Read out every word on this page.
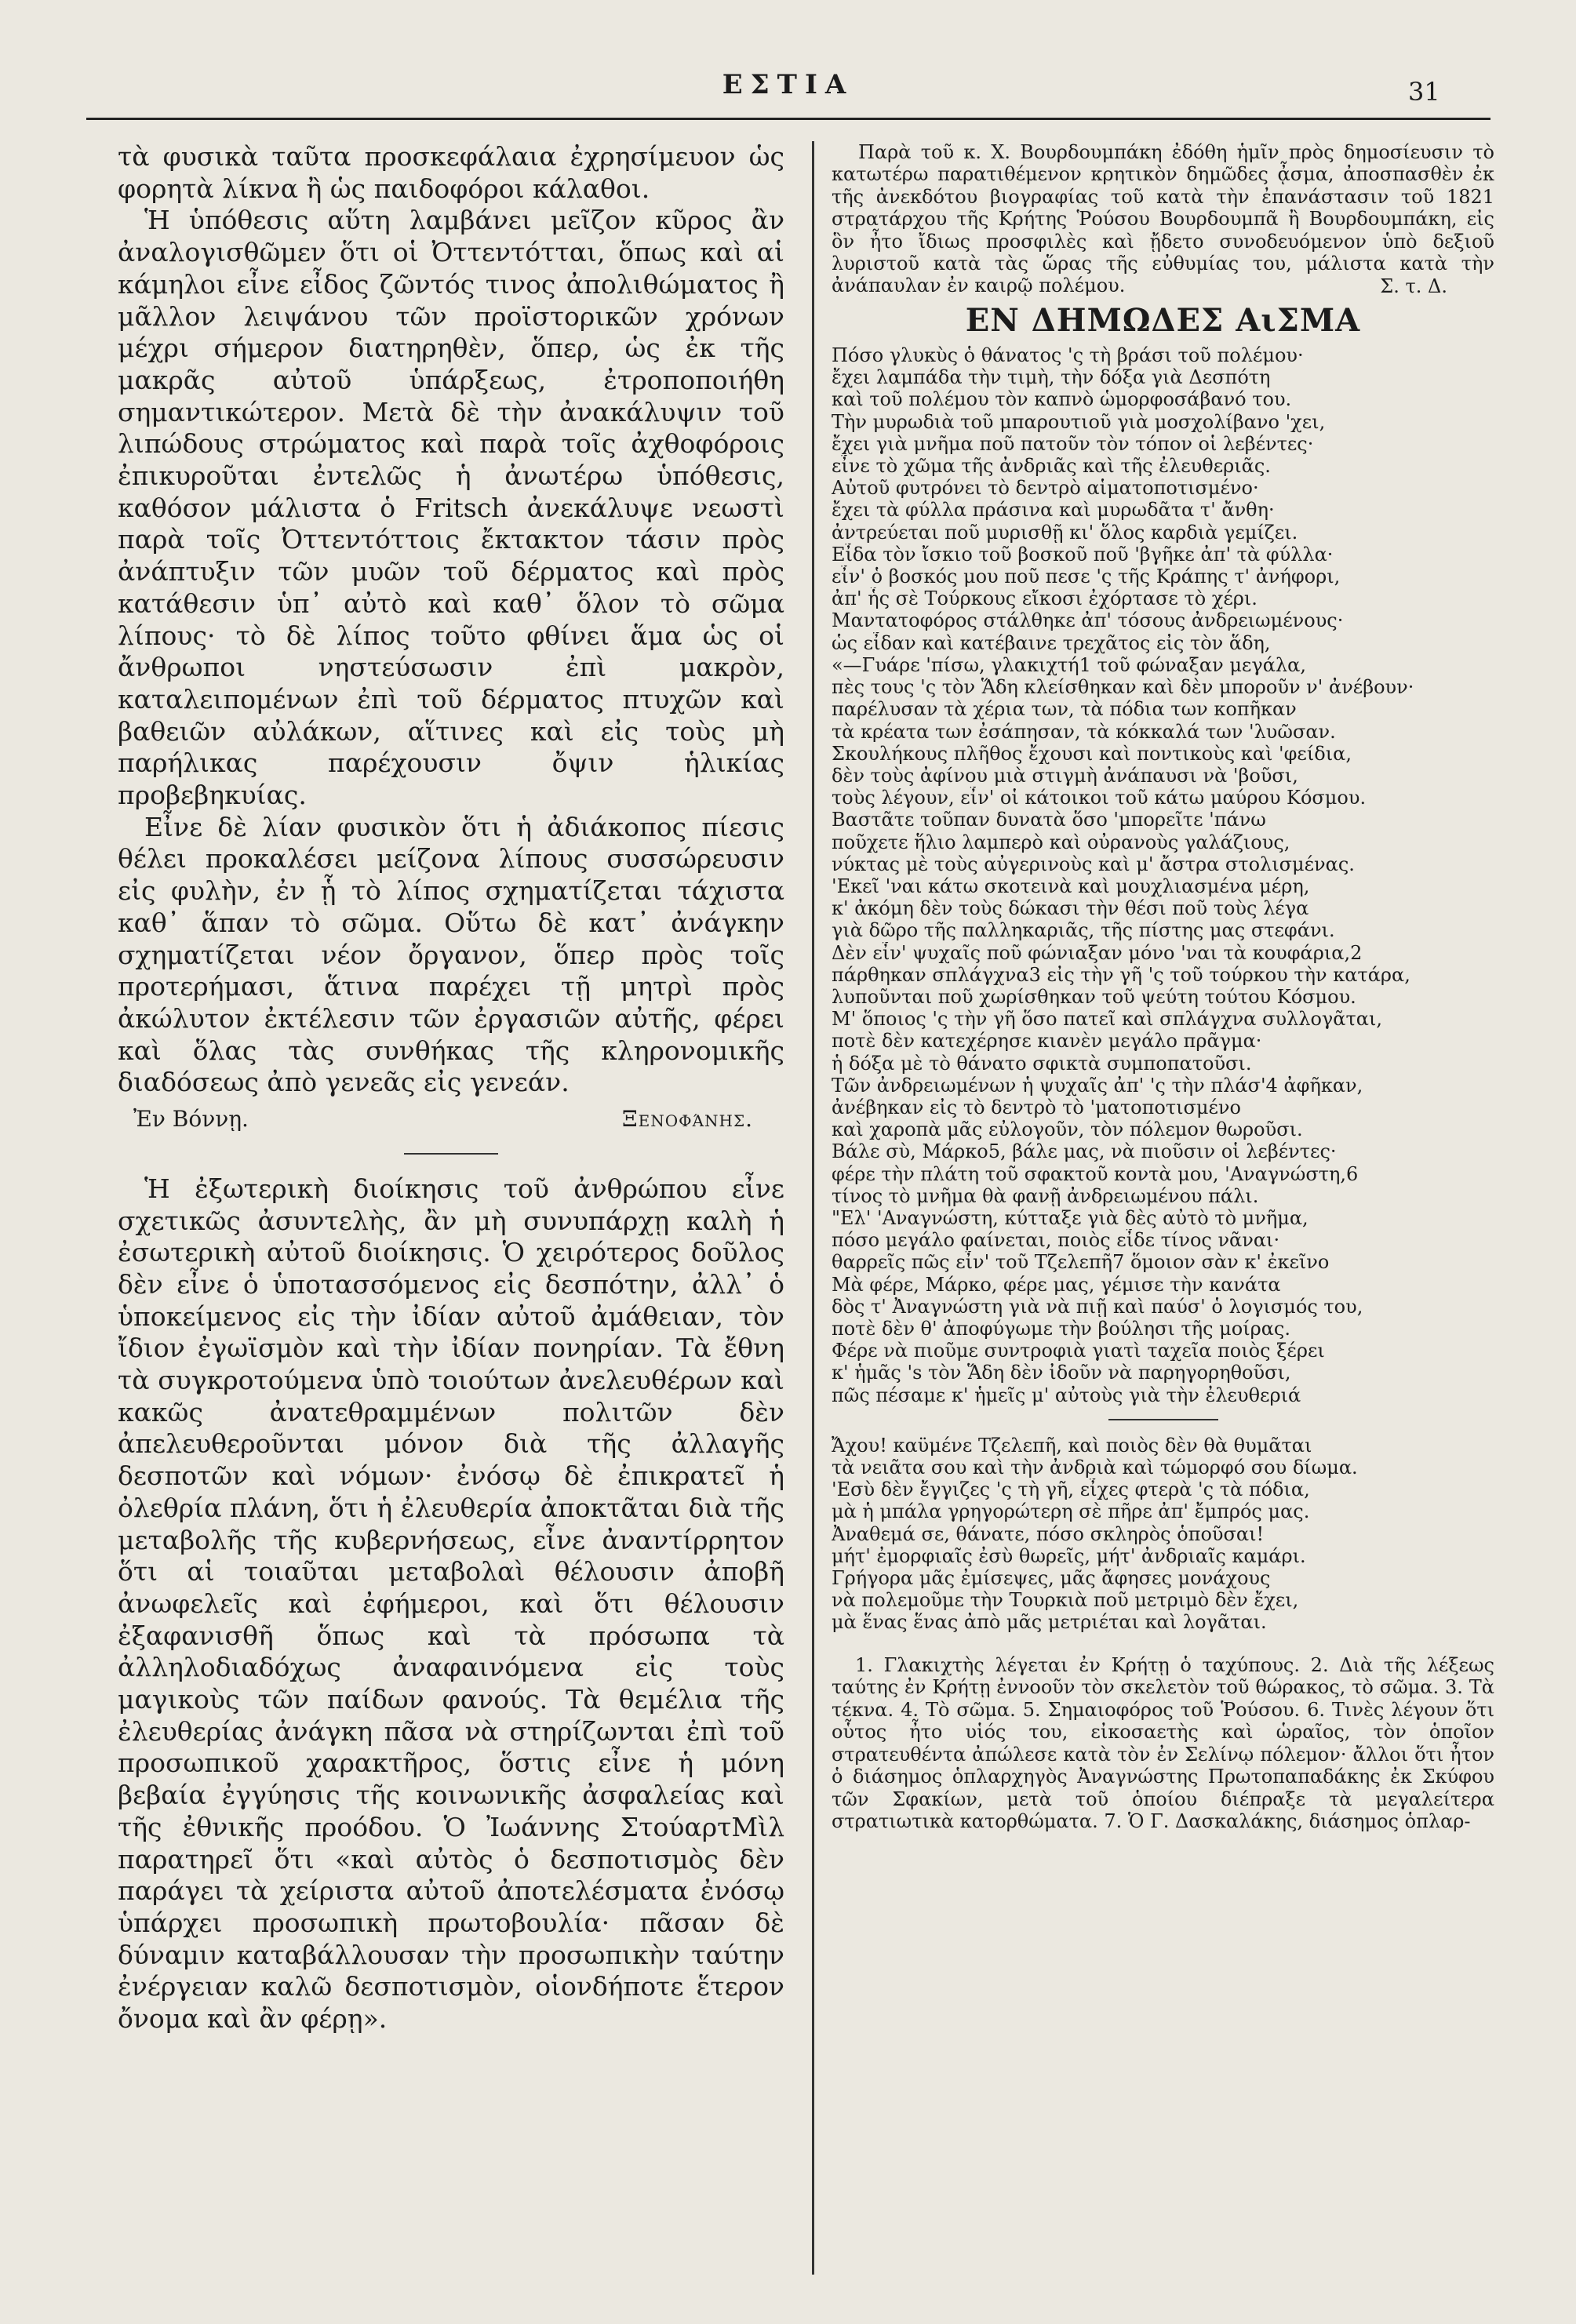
ΕΣΤΙΑ	31

τὰ φυσικὰ ταῦτα προσκεφάλαια ἐχρησίμευον ὡς φορητὰ λίκνα ἢ ὡς παιδοφόροι κάλαθοι.

Ἡ ὑπόθεσις αὕτη λαμβάνει μεῖζον κῦρος ἂν ἀναλογισθῶμεν ὅτι οἱ Ὀττεντότται, ὅπως καὶ αἱ κάμηλοι εἶνε εἶδος ζῶντός τινος ἀπολιθώματος ἢ μᾶλλον λειψάνου τῶν προϊστορικῶν χρόνων μέχρι σήμερον διατηρηθὲν, ὅπερ, ὡς ἐκ τῆς μακρᾶς αὐτοῦ ὑπάρξεως, ἐτροποποιήθη σημαντικώτερον. Μετὰ δὲ τὴν ἀνακάλυψιν τοῦ λιπώδους στρώματος καὶ παρὰ τοῖς ἀχθοφόροις ἐπικυροῦται ἐντελῶς ἡ ἀνωτέρω ὑπόθεσις, καθόσον μάλιστα ὁ Fritsch ἀνεκάλυψε νεωστὶ παρὰ τοῖς Ὀττεντόττοις ἔκτακτον τάσιν πρὸς ἀνάπτυξιν τῶν μυῶν τοῦ δέρματος καὶ πρὸς κατάθεσιν ὑπ᾽ αὐτὸ καὶ καθ᾽ ὅλον τὸ σῶμα λίπους· τὸ δὲ λίπος τοῦτο φθίνει ἅμα ὡς οἱ ἄνθρωποι νηστεύσωσιν ἐπὶ μακρὸν, καταλειπομένων ἐπὶ τοῦ δέρματος πτυχῶν καὶ βαθειῶν αὐλάκων, αἵτινες καὶ εἰς τοὺς μὴ παρήλικας παρέχουσιν ὄψιν ἡλικίας προβεβηκυίας.

Εἶνε δὲ λίαν φυσικὸν ὅτι ἡ ἀδιάκοπος πίεσις θέλει προκαλέσει μείζονα λίπους συσσώρευσιν εἰς φυλὴν, ἐν ᾗ τὸ λίπος σχηματίζεται τάχιστα καθ᾽ ἅπαν τὸ σῶμα. Οὕτω δὲ κατ᾽ ἀνάγκην σχηματίζεται νέον ὄργανον, ὅπερ πρὸς τοῖς προτερήμασι, ἅτινα παρέχει τῇ μητρὶ πρὸς ἀκώλυτον ἐκτέλεσιν τῶν ἐργασιῶν αὐτῆς, φέρει καὶ ὅλας τὰς συνθήκας τῆς κληρονομικῆς διαδόσεως ἀπὸ γενεᾶς εἰς γενεάν.

Ἐν Βόννῃ.	Ξενοφάνης.

Ἡ ἐξωτερικὴ διοίκησις τοῦ ἀνθρώπου εἶνε σχετικῶς ἀσυντελὴς, ἂν μὴ συνυπάρχῃ καλὴ ἡ ἐσωτερικὴ αὐτοῦ διοίκησις. Ὁ χειρότερος δοῦλος δὲν εἶνε ὁ ὑποτασσόμενος εἰς δεσπότην, ἀλλ᾽ ὁ ὑποκείμενος εἰς τὴν ἰδίαν αὐτοῦ ἀμάθειαν, τὸν ἴδιον ἐγωϊσμὸν καὶ τὴν ἰδίαν πονηρίαν. Τὰ ἔθνη τὰ συγκροτούμενα ὑπὸ τοιούτων ἀνελευθέρων καὶ κακῶς ἀνατεθραμμένων πολιτῶν δὲν ἀπελευθεροῦνται μόνον διὰ τῆς ἀλλαγῆς δεσποτῶν καὶ νόμων· ἐνόσῳ δὲ ἐπικρατεῖ ἡ ὀλεθρία πλάνη, ὅτι ἡ ἐλευθερία ἀποκτᾶται διὰ τῆς μεταβολῆς τῆς κυβερνήσεως, εἶνε ἀναντίρρητον ὅτι αἱ τοιαῦται μεταβολαὶ θέλουσιν ἀποβῆ ἀνωφελεῖς καὶ ἐφήμεροι, καὶ ὅτι θέλουσιν ἐξαφανισθῆ ὅπως καὶ τὰ πρόσωπα τὰ ἀλληλοδιαδόχως ἀναφαινόμενα εἰς τοὺς μαγικοὺς τῶν παίδων φανούς. Τὰ θεμέλια τῆς ἐλευθερίας ἀνάγκη πᾶσα νὰ στηρίζωνται ἐπὶ τοῦ προσωπικοῦ χαρακτῆρος, ὅστις εἶνε ἡ μόνη βεβαία ἐγγύησις τῆς κοινωνικῆς ἀσφαλείας καὶ τῆς ἐθνικῆς προόδου. Ὁ Ἰωάννης ΣτούαρτΜὶλ παρατηρεῖ ὅτι «καὶ αὐτὸς ὁ δεσποτισμὸς δὲν παράγει τὰ χείριστα αὐτοῦ ἀποτελέσματα ἐνόσῳ ὑπάρχει προσωπικὴ πρωτοβουλία· πᾶσαν δὲ δύναμιν καταβάλλουσαν τὴν προσωπικὴν ταύτην ἐνέργειαν καλῶ δεσποτισμὸν, οἱονδήποτε ἕτερον ὄνομα καὶ ἂν φέρῃ».

Παρὰ τοῦ κ. Χ. Βουρδουμπάκη ἐδόθη ἡμῖν πρὸς δημοσίευσιν τὸ κατωτέρω παρατιθέμενον κρητικὸν δημῶδες ᾆσμα, ἀποσπασθὲν ἐκ τῆς ἀνεκδότου βιογραφίας τοῦ κατὰ τὴν ἐπανάστασιν τοῦ 1821 στρατάρχου τῆς Κρήτης Ῥούσου Βουρδουμπᾶ ἢ Βουρδουμπάκη, εἰς ὃν ἦτο ἴδιως προσφιλὲς καὶ ᾔδετο συνοδευόμενον ὑπὸ δεξιοῦ λυριστοῦ κατὰ τὰς ὥρας τῆς εὐθυμίας του, μάλιστα κατὰ τὴν ἀνάπαυλαν ἐν καιρῷ πολέμου.	Σ. τ. Δ.
ΕΝ ΔΗΜΩΔΕΣ ΑιΣΜΑ
Πόσο γλυκὺς ὁ θάνατος 'ς τὴ βράσι τοῦ πολέμου·
ἔχει λαμπάδα τὴν τιμὴ, τὴν δόξα γιὰ Δεσπότη
καὶ τοῦ πολέμου τὸν καπνὸ ὡμορφοσάβανό του.
Τὴν μυρωδιὰ τοῦ μπαρουτιοῦ γιὰ μοσχολίβανο 'χει,
ἔχει γιὰ μνῆμα ποῦ πατοῦν τὸν τόπον οἱ λεβέντες·
εἶνε τὸ χῶμα τῆς ἀνδριᾶς καὶ τῆς ἐλευθεριᾶς.
Αὐτοῦ φυτρόνει τὸ δεντρὸ αἱματοποτισμένο·
ἔχει τὰ φύλλα πράσινα καὶ μυρωδᾶτα τ' ἄνθη·
ἀντρεύεται ποῦ μυρισθῇ κι' ὅλος καρδιὰ γεμίζει.
Εἶδα τὸν ἴσκιο τοῦ βοσκοῦ ποῦ 'βγῆκε ἀπ' τὰ φύλλα·
εἶν' ὁ βοσκός μου ποῦ πεσε 'ς τῆς Κράπης τ' ἀνήφορι,
ἀπ' ἧς σὲ Τούρκους εἴκοσι ἐχόρτασε τὸ χέρι.
Μαντατοφόρος στάλθηκε ἀπ' τόσους ἀνδρειωμένους·
ὡς εἶδαν καὶ κατέβαινε τρεχᾶτος εἰς τὸν ἅδη,
«—Γυάρε 'πίσω, γλακιχτή1 τοῦ φώναξαν μεγάλα,
πὲς τους 'ς τὸν Ἅδη κλείσθηκαν καὶ δὲν μποροῦν ν' ἀνέβουν·
παρέλυσαν τὰ χέρια των, τὰ πόδια των κοπῆκαν
τὰ κρέατα των ἐσάπησαν, τὰ κόκκαλά των 'λυῶσαν.
Σκουλήκους πλῆθος ἔχουσι καὶ ποντικοὺς καὶ 'φείδια,
δὲν τοὺς ἀφίνου μιὰ στιγμὴ ἀνάπαυσι νὰ 'βοῦσι,
τοὺς λέγουν, εἶν' οἱ κάτοικοι τοῦ κάτω μαύρου Κόσμου.
Βαστᾶτε τοῦπαν δυνατὰ ὅσο 'μπορεῖτε 'πάνω
ποῦχετε ἥλιο λαμπερὸ καὶ οὐρανοὺς γαλάζιους,
νύκτας μὲ τοὺς αὐγερινοὺς καὶ μ' ἄστρα στολισμένας.
'Εκεῖ 'ναι κάτω σκοτεινὰ καὶ μουχλιασμένα μέρη,
κ' ἀκόμη δὲν τοὺς δώκασι τὴν θέσι ποῦ τοὺς λέγα
γιὰ δῶρο τῆς παλληκαριᾶς, τῆς πίστης μας στεφάνι.
Δὲν εἶν' ψυχαῖς ποῦ φώνιαξαν μόνο 'ναι τὰ κουφάρια,2
πάρθηκαν σπλάγχνα3 εἰς τὴν γῆ 'ς τοῦ τούρκου τὴν κατάρα,
λυποῦνται ποῦ χωρίσθηκαν τοῦ ψεύτη τούτου Κόσμου.
Μ' ὅποιος 'ς τὴν γῆ ὅσο πατεῖ καὶ σπλάγχνα συλλογᾶται,
ποτὲ δὲν κατεχέρησε κιανὲν μεγάλο πρᾶγμα·
ἡ δόξα μὲ τὸ θάνατο σφικτὰ συμποπατοῦσι.
Τῶν ἀνδρειωμένων ἡ ψυχαῖς ἀπ' 'ς τὴν πλάσ'4 ἀφῆκαν,
ἀνέβηκαν εἰς τὸ δεντρὸ τὸ 'ματοποτισμένο
καὶ χαροπὰ μᾶς εὐλογοῦν, τὸν πόλεμον θωροῦσι.
Βάλε σὺ, Μάρκο5, βάλε μας, νὰ πιοῦσιν οἱ λεβέντες·
φέρε τὴν πλάτη τοῦ σφακτοῦ κοντὰ μου, 'Αναγνώστη,6
τίνος τὸ μνῆμα θὰ φανῇ ἀνδρειωμένου πάλι.
"Ελ' 'Αναγνώστη, κύτταξε γιὰ δὲς αὐτὸ τὸ μνῆμα,
πόσο μεγάλο φαίνεται, ποιὸς εἶδε τίνος νᾶναι·
θαρρεῖς πῶς εἶν' τοῦ Τζελεπῆ7 ὅμοιον σὰν κ' ἐκεῖνο
Μὰ φέρε, Μάρκο, φέρε μας, γέμισε τὴν κανάτα
δὸς τ' Ἀναγνώστη γιὰ νὰ πιῇ καὶ παύσ' ὁ λογισμός του,
ποτὲ δὲν θ' ἀποφύγωμε τὴν βούλησι τῆς μοίρας.
Φέρε νὰ πιοῦμε συντροφιὰ γιατὶ ταχεῖα ποιὸς ξέρει
κ' ἡμᾶς 's τὸν Ἅδη δὲν ἰδοῦν νὰ παρηγορηθοῦσι,
πῶς πέσαμε κ' ἡμεῖς μ' αὐτοὺς γιὰ τὴν ἐλευθεριά
Ἄχου! καϋμένε Τζελεπῆ, καὶ ποιὸς δὲν θὰ θυμᾶται
τὰ νειᾶτα σου καὶ τὴν ἀνδριὰ καὶ τώμορφό σου δίωμα.
'Εσὺ δὲν ἔγγιζες 'ς τὴ γῆ, εἶχες φτερὰ 'ς τὰ πόδια,
μὰ ἡ μπάλα γρηγορώτερη σὲ πῆρε ἀπ' ἔμπρός μας.
Ἀναθεμά σε, θάνατε, πόσο σκληρὸς ὁποῦσαι!
μήτ' ἐμορφιαῖς ἐσὺ θωρεῖς, μήτ' ἀνδριαῖς καμάρι.
Γρήγορα μᾶς ἐμίσεψες, μᾶς ἄφησες μονάχους
νὰ πολεμοῦμε τὴν Τουρκιὰ ποῦ μετριμὸ δὲν ἔχει,
μὰ ἕνας ἕνας ἀπὸ μᾶς μετριέται καὶ λογᾶται.

1. Γλακιχτὴς λέγεται ἐν Κρήτῃ ὁ ταχύπους. 2. Διὰ τῆς λέξεως ταύτης ἐν Κρήτῃ ἐννοοῦν τὸν σκελετὸν τοῦ θώρακος, τὸ σῶμα. 3. Τὰ τέκνα. 4. Τὸ σῶμα. 5. Σημαιοφόρος τοῦ Ῥούσου. 6. Τινὲς λέγουν ὅτι οὗτος ἦτο υἱός του, εἰκοσαετὴς καὶ ὡραῖος, τὸν ὁποῖον στρατευθέντα ἀπώλεσε κατὰ τὸν ἐν Σελίνῳ πόλεμον· ἄλλοι ὅτι ἦτον ὁ διάσημος ὁπλαρχηγὸς Ἀναγνώστης Πρωτοπαπαδάκης ἐκ Σκύφου τῶν Σφακίων, μετὰ τοῦ ὁποίου διέπραξε τὰ μεγαλείτερα στρατιωτικὰ κατορθώματα. 7. Ὁ Γ. Δασκαλάκης, διάσημος ὁπλαρ-
